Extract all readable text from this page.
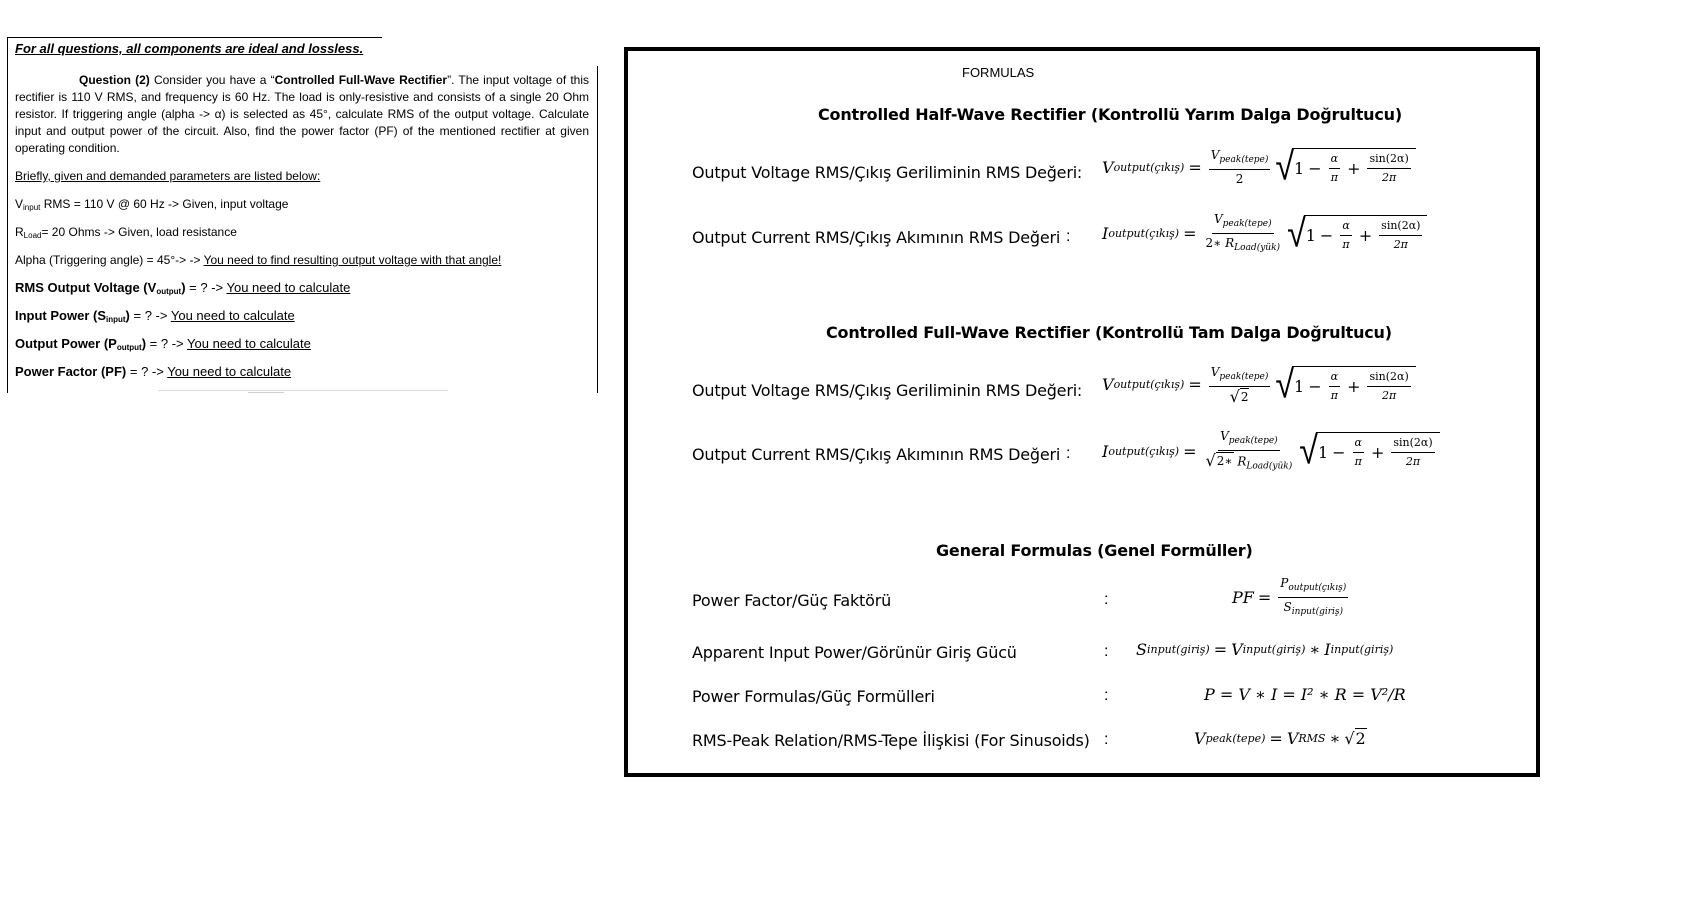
For all questions, all components are ideal and lossless.
Question (2) Consider you have a “Controlled Full-Wave Rectifier”. The input voltage of this rectifier is 110 V RMS, and frequency is 60 Hz. The load is only-resistive and consists of a single 20 Ohm resistor. If triggering angle (alpha -> α) is selected as 45°, calculate RMS of the output voltage. Calculate input and output power of the circuit. Also, find the power factor (PF) of the mentioned rectifier at given operating condition.
Briefly, given and demanded parameters are listed below:
$V_{input}$ RMS = 110 V @ 60 Hz -> Given, input voltage
$R_{Load}= 20$ Ohms -> Given, load resistance
Alpha (Triggering angle) = 45°-> -> You need to find resulting output voltage with that angle!
RMS Output Voltage $(V_{output})$ = ? -> You need to calculate
Input Power $(S_{input})$ = ? -> You need to calculate
Output Power $(P_{output})$ = ? -> You need to calculate
Power Factor (PF) = ? -> You need to calculate
FORMULAS
Controlled Half-Wave Rectifier (Kontrollü Yarım Dalga Doğrultucu)
Output Voltage RMS/Çıkış Geriliminin RMS Değeri: V output(çıkış) = $\frac{V_{peak(tepe)}}{2}$ √ $1 - \frac{\alpha}{\pi} + \frac{\sin(2\alpha)}{2\pi}$
Output Current RMS/Çıkış Akımının RMS Değeri : I output(çıkış) = $\frac{V_{peak(tepe)}}{2∗ R_{Load(yük)}}$ √ $1 - \frac{\alpha}{\pi} + \frac{\sin(2\alpha)}{2\pi}$
Controlled Full-Wave Rectifier (Kontrollü Tam Dalga Doğrultucu)
Output Voltage RMS/Çıkış Geriliminin RMS Değeri: V output(çıkış) = $\frac{V_{peak(tepe)}}{√ 2}$ √ $1 - \frac{\alpha}{\pi} + \frac{\sin(2\alpha)}{2\pi}$
Output Current RMS/Çıkış Akımının RMS Değeri : I output(çıkış) = $\frac{V_{peak(tepe)}}{√ 2∗ R_{Load(yük)}}$ √ $1 - \frac{\alpha}{\pi} + \frac{\sin(2\alpha)}{2\pi}$
General Formulas (Genel Formüller)
Power Factor/Güç Faktörü	:	PF = $\frac{P_{output(çıkış)}}{S_{input(giriş)}}$
Apparent Input Power/Görünür Giriş Gücü	: S input(giriş) = V input(giriş) ∗ I input(giriş)
Power Formulas/Güç Formülleri	:	P = V ∗ I = I² ∗ R = V²/R
RMS-Peak Relation/RMS-Tepe İlişkisi (For Sinusoids) :	V peak(tepe) = V RMS ∗ √ 2
